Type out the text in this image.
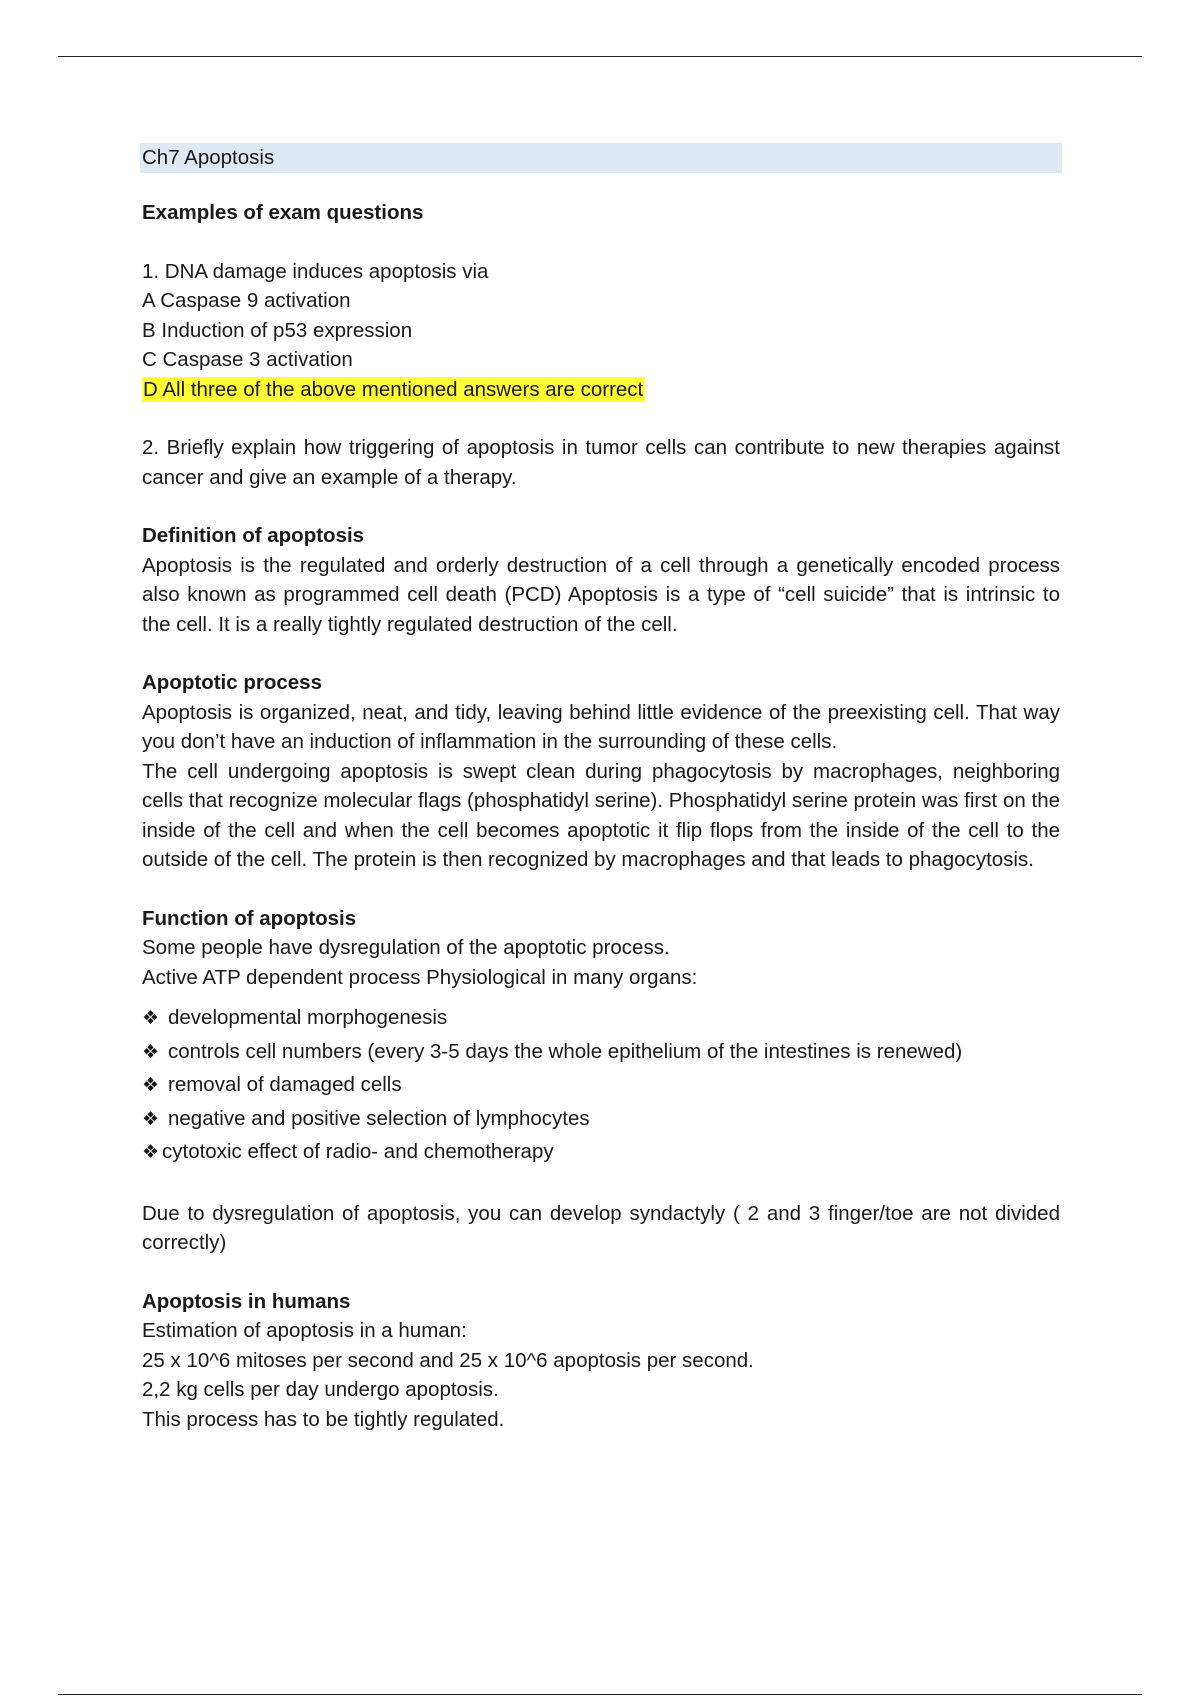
Ch7 Apoptosis

Examples of exam questions

1. DNA damage induces apoptosis via

A Caspase 9 activation

B Induction of p53 expression

C Caspase 3 activation

D All three of the above mentioned answers are correct

2. Briefly explain how triggering of apoptosis in tumor cells can contribute to new therapies against cancer and give an example of a therapy.

Definition of apoptosis

Apoptosis is the regulated and orderly destruction of a cell through a genetically encoded process also known as programmed cell death (PCD) Apoptosis is a type of “cell suicide” that is intrinsic to the cell. It is a really tightly regulated destruction of the cell.

Apoptotic process

Apoptosis is organized, neat, and tidy, leaving behind little evidence of the preexisting cell. That way you don’t have an induction of inflammation in the surrounding of these cells.

The cell undergoing apoptosis is swept clean during phagocytosis by macrophages, neighboring cells that recognize molecular flags (phosphatidyl serine). Phosphatidyl serine protein was first on the inside of the cell and when the cell becomes apoptotic it flip flops from the inside of the cell to the outside of the cell. The protein is then recognized by macrophages and that leads to phagocytosis.

Function of apoptosis

Some people have dysregulation of the apoptotic process.

Active ATP dependent process Physiological in many organs:

❖ developmental morphogenesis
❖ controls cell numbers (every 3-5 days the whole epithelium of the intestines is renewed)
❖ removal of damaged cells
❖ negative and positive selection of lymphocytes
❖ cytotoxic effect of radio- and chemotherapy

Due to dysregulation of apoptosis, you can develop syndactyly ( 2 and 3 finger/toe are not divided correctly)

Apoptosis in humans

Estimation of apoptosis in a human:

25 x 10^6 mitoses per second and 25 x 10^6 apoptosis per second.

2,2 kg cells per day undergo apoptosis.

This process has to be tightly regulated.
